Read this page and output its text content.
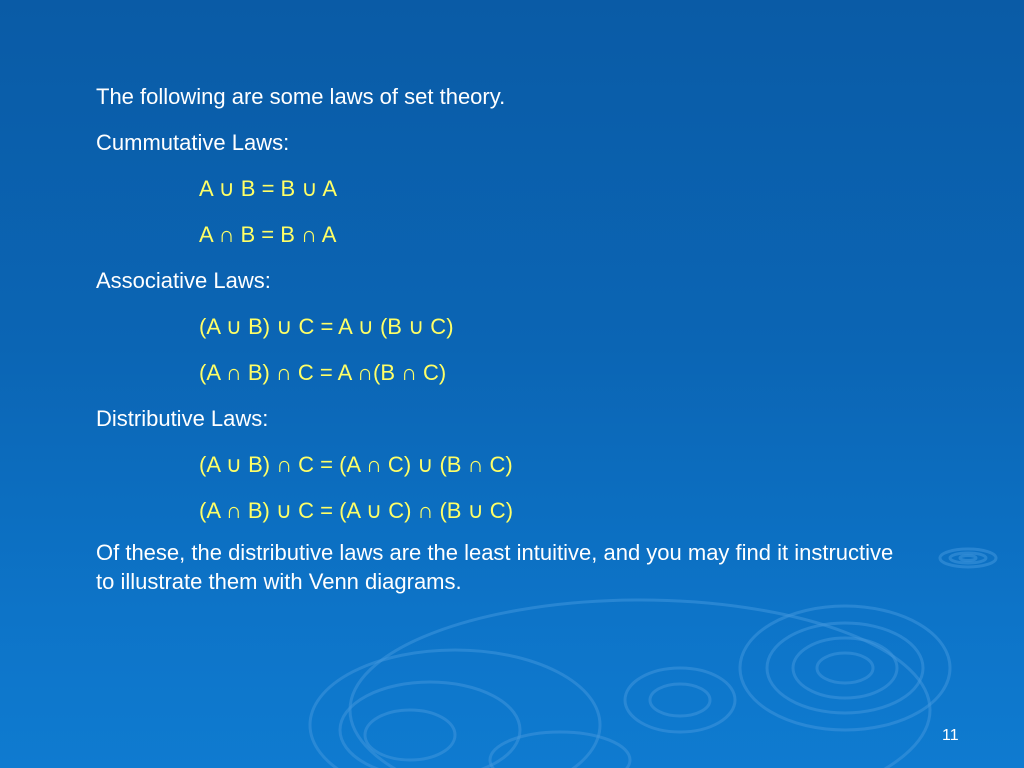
The following are some laws of set theory.

Cummutative Laws:

A ∪ B = B ∪ A

A ∩ B = B ∩ A

Associative Laws:

(A ∪ B) ∪ C = A ∪ (B ∪ C)

(A ∩ B) ∩ C = A ∩(B ∩ C)

Distributive Laws:

(A ∪ B) ∩ C = (A ∩ C) ∪ (B ∩ C)

(A ∩ B) ∪ C = (A ∪ C) ∩ (B ∪ C)

Of these, the distributive laws are the least intuitive, and you may find it instructive to illustrate them with Venn diagrams.

11
